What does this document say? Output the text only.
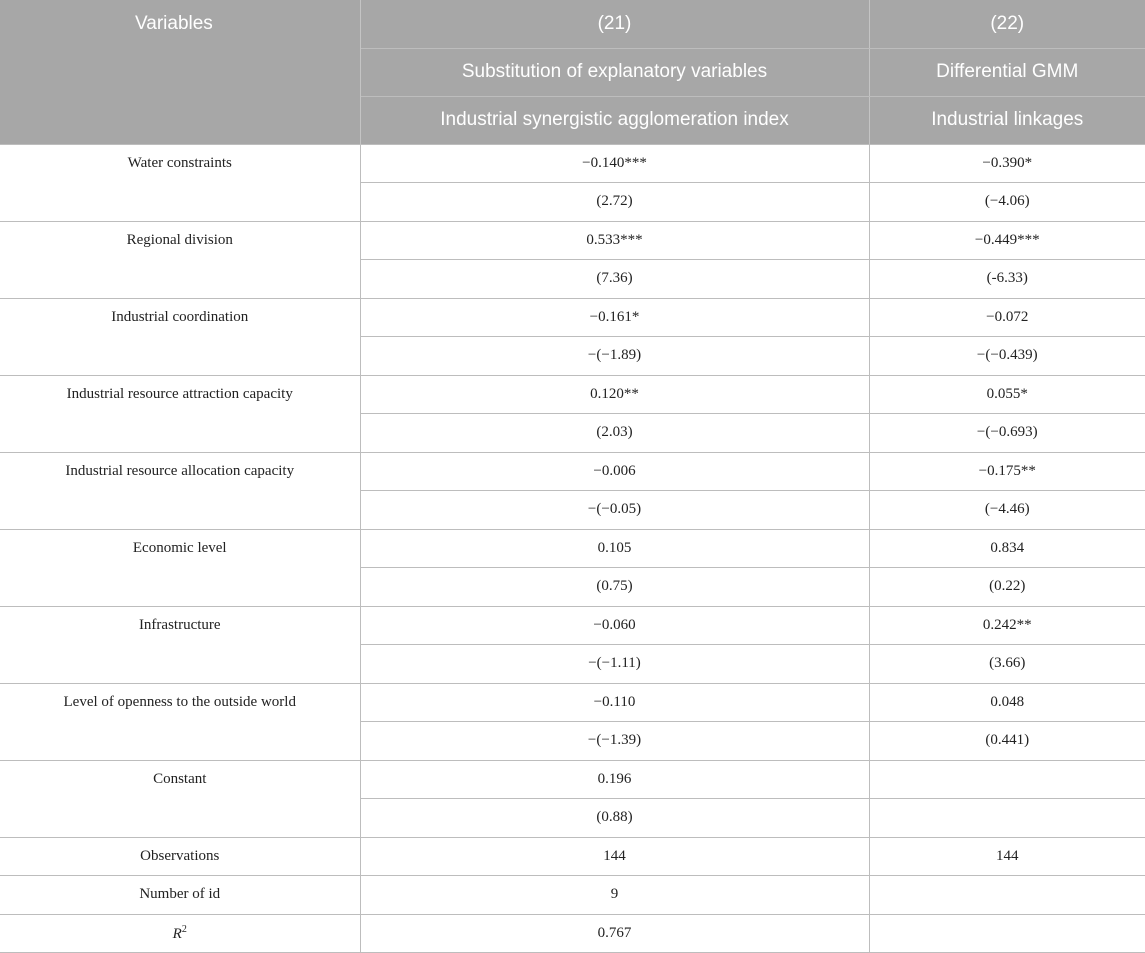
Variables	(21)	(22)
	Substitution of explanatory variables	Differential GMM
	Industrial synergistic agglomeration index	Industrial linkages
Water constraints	−0.140***	−0.390*
	(2.72)	(−4.06)
Regional division	0.533***	−0.449***
	(7.36)	(-6.33)
Industrial coordination	−0.161*	−0.072
	−(−1.89)	−(−0.439)
Industrial resource attraction capacity	0.120**	0.055*
	(2.03)	−(−0.693)
Industrial resource allocation capacity	−0.006	−0.175**
	−(−0.05)	(−4.46)
Economic level	0.105	0.834
	(0.75)	(0.22)
Infrastructure	−0.060	0.242**
	−(−1.11)	(3.66)
Level of openness to the outside world	−0.110	0.048
	−(−1.39)	(0.441)
Constant	0.196	
	(0.88)	
Observations	144	144
Number of id	9	
$R^2$	0.767	
